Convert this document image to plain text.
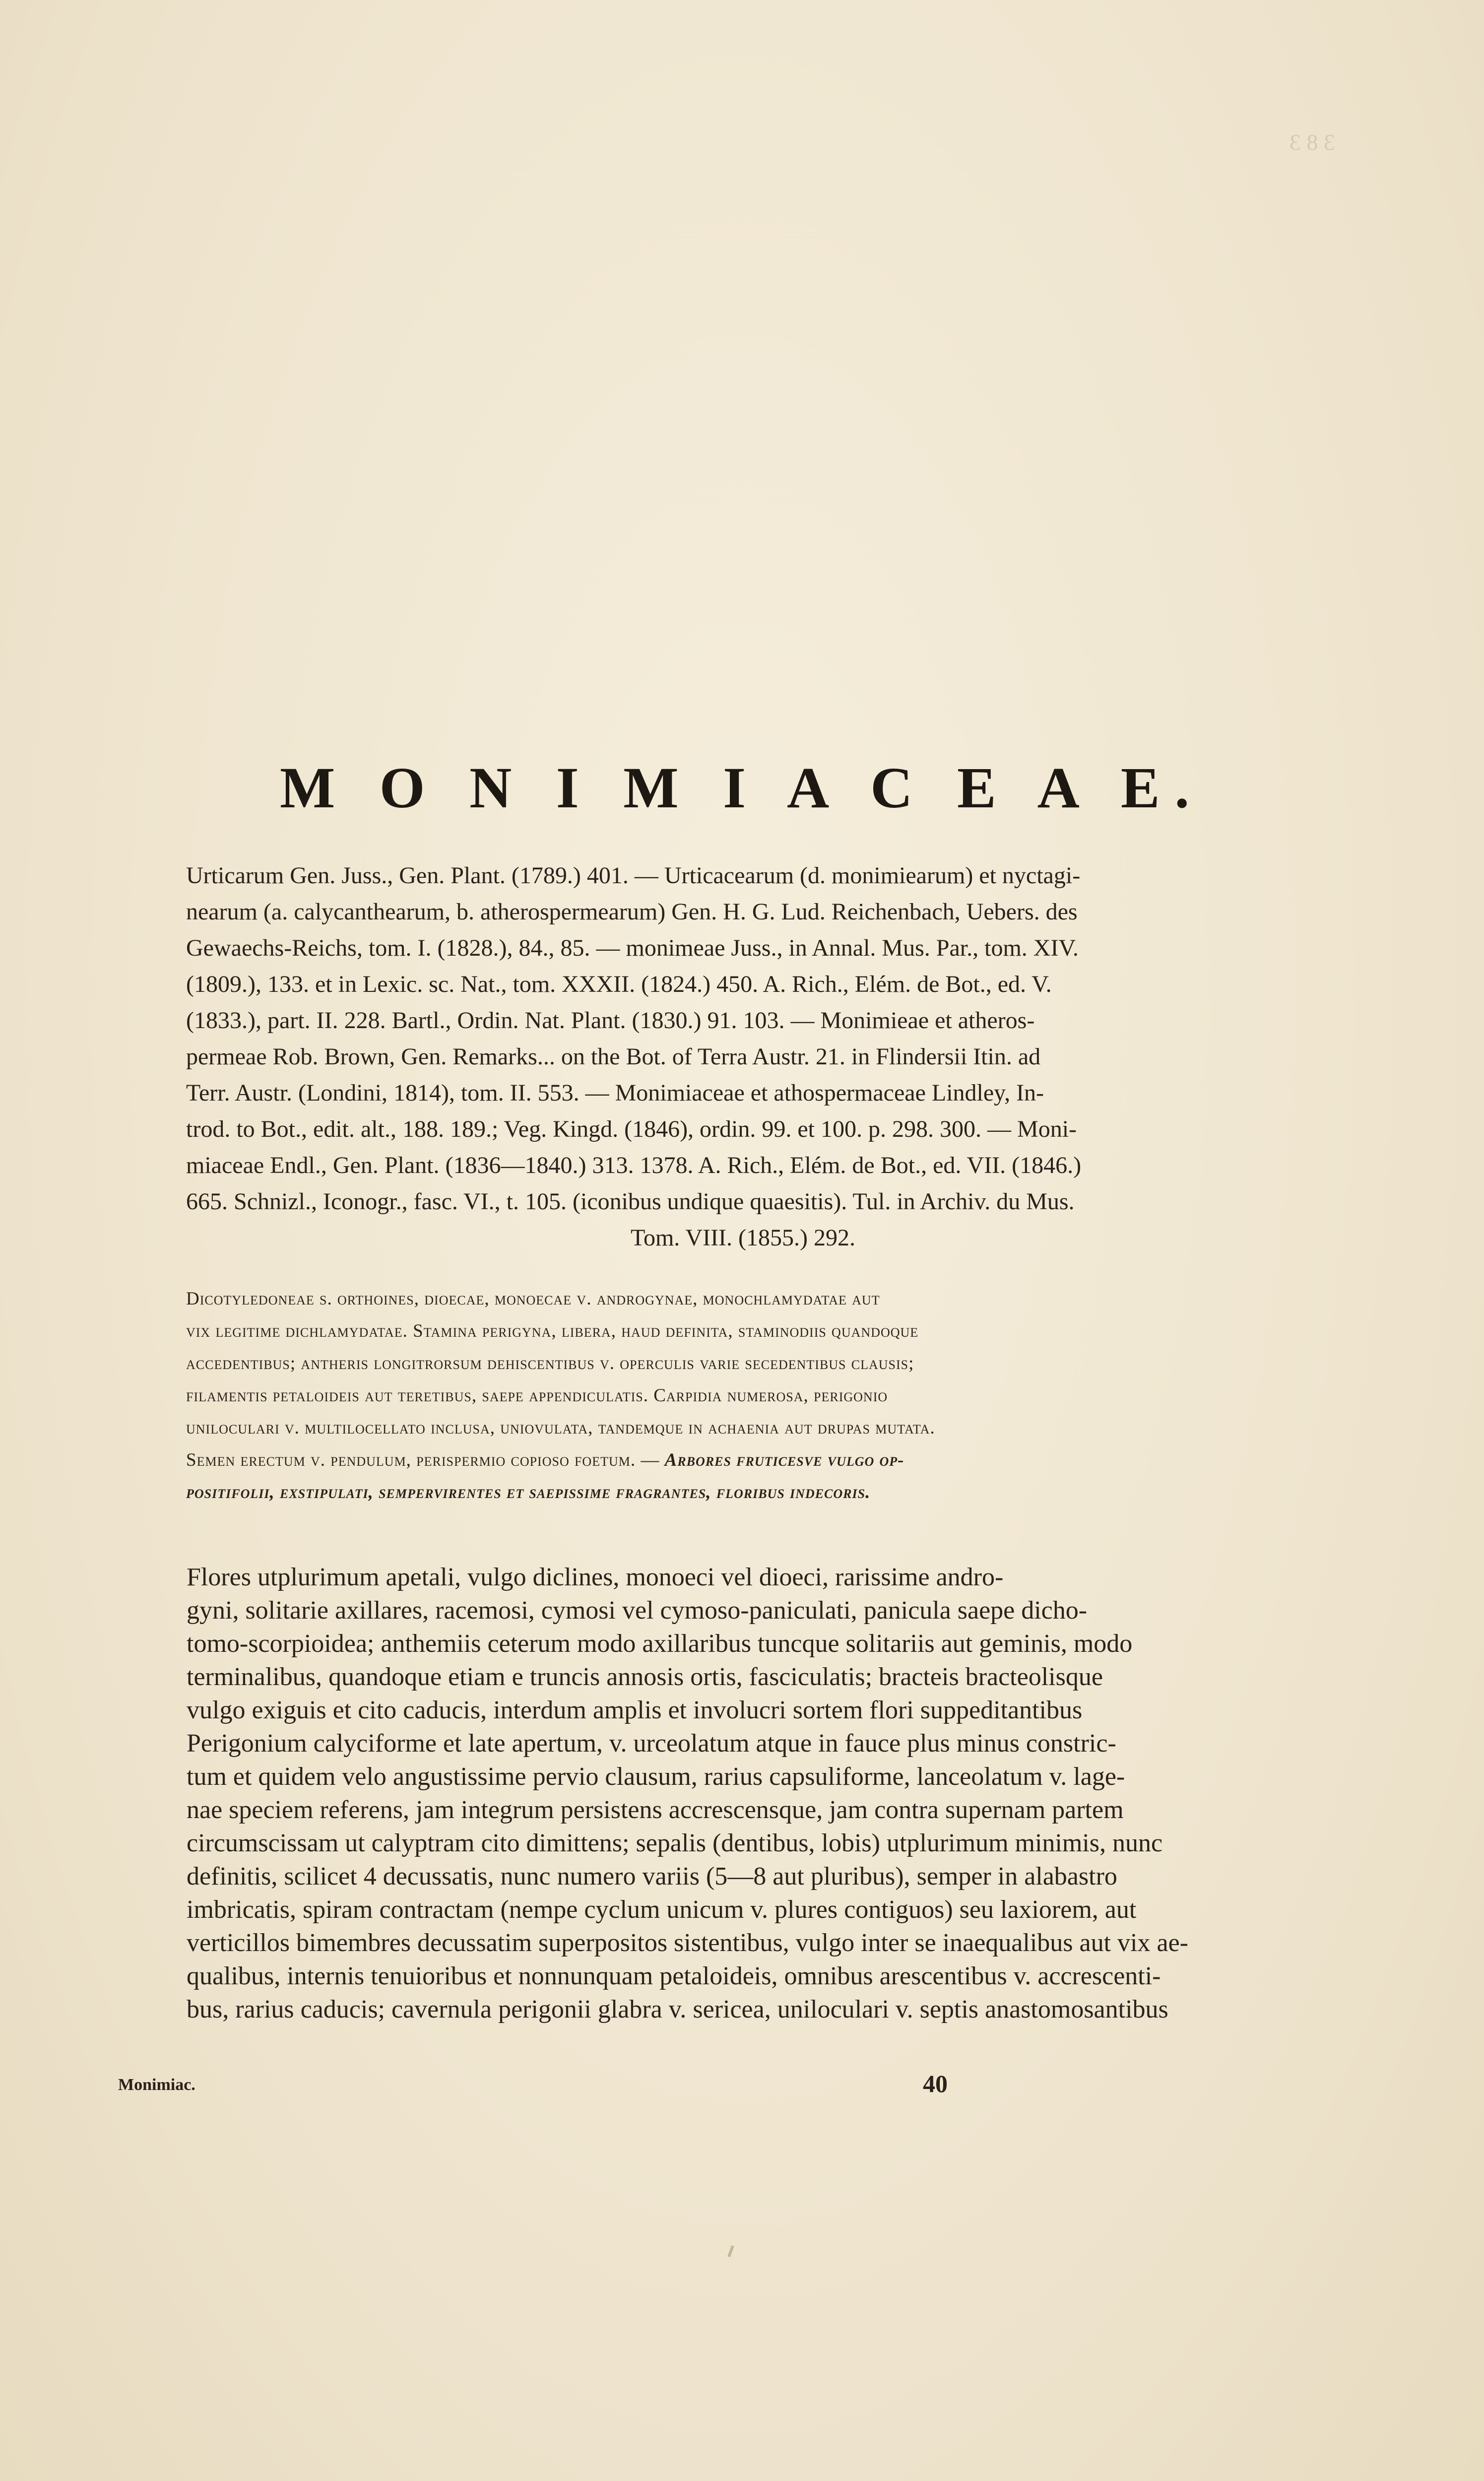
3 8 3
M O N I M I A C E A E.
Urticarum Gen. Juss., Gen. Plant. (1789.) 401. — Urticacearum (d. monimiearum) et nyctagi-
nearum (a. calycanthearum, b. atherospermearum) Gen. H. G. Lud. Reichenbach, Uebers. des
Gewaechs-Reichs, tom. I. (1828.), 84., 85. — monimeae Juss., in Annal. Mus. Par., tom. XIV.
(1809.), 133. et in Lexic. sc. Nat., tom. XXXII. (1824.) 450. A. Rich., Elém. de Bot., ed. V.
(1833.), part. II. 228. Bartl., Ordin. Nat. Plant. (1830.) 91. 103. — Monimieae et atheros-
permeae Rob. Brown, Gen. Remarks... on the Bot. of Terra Austr. 21. in Flindersii Itin. ad
Terr. Austr. (Londini, 1814), tom. II. 553. — Monimiaceae et athospermaceae Lindley, In-
trod. to Bot., edit. alt., 188. 189.; Veg. Kingd. (1846), ordin. 99. et 100. p. 298. 300. — Moni-
miaceae Endl., Gen. Plant. (1836—1840.) 313. 1378. A. Rich., Elém. de Bot., ed. VII. (1846.)
665. Schnizl., Iconogr., fasc. VI., t. 105. (iconibus undique quaesitis). Tul. in Archiv. du Mus.
Tom. VIII. (1855.) 292.
Dicotyledoneae s. orthoines, dioecae, monoecae v. androgynae, monochlamydatae aut
vix legitime dichlamydatae. Stamina perigyna, libera, haud definita, staminodiis quandoque
accedentibus; antheris longitrorsum dehiscentibus v. operculis varie secedentibus clausis;
filamentis petaloideis aut teretibus, saepe appendiculatis. Carpidia numerosa, perigonio
uniloculari v. multilocellato inclusa, uniovulata, tandemque in achaenia aut drupas mutata.
Semen erectum v. pendulum, perispermio copioso foetum. — Arbores fruticesve vulgo op-
positifolii, exstipulati, sempervirentes et saepissime fragrantes, floribus indecoris.
Flores utplurimum apetali, vulgo diclines, monoeci vel dioeci, rarissime andro-
gyni, solitarie axillares, racemosi, cymosi vel cymoso-paniculati, panicula saepe dicho-
tomo-scorpioidea; anthemiis ceterum modo axillaribus tuncque solitariis aut geminis, modo
terminalibus, quandoque etiam e truncis annosis ortis, fasciculatis; bracteis bracteolisque
vulgo exiguis et cito caducis, interdum amplis et involucri sortem flori suppeditantibus
Perigonium calyciforme et late apertum, v. urceolatum atque in fauce plus minus constric-
tum et quidem velo angustissime pervio clausum, rarius capsuliforme, lanceolatum v. lage-
nae speciem referens, jam integrum persistens accrescensque, jam contra supernam partem
circumscissam ut calyptram cito dimittens; sepalis (dentibus, lobis) utplurimum minimis, nunc
definitis, scilicet 4 decussatis, nunc numero variis (5—8 aut pluribus), semper in alabastro
imbricatis, spiram contractam (nempe cyclum unicum v. plures contiguos) seu laxiorem, aut
verticillos bimembres decussatim superpositos sistentibus, vulgo inter se inaequalibus aut vix ae-
qualibus, internis tenuioribus et nonnunquam petaloideis, omnibus arescentibus v. accrescenti-
bus, rarius caducis; cavernula perigonii glabra v. sericea, uniloculari v. septis anastomosantibus
Monimiac.	40
